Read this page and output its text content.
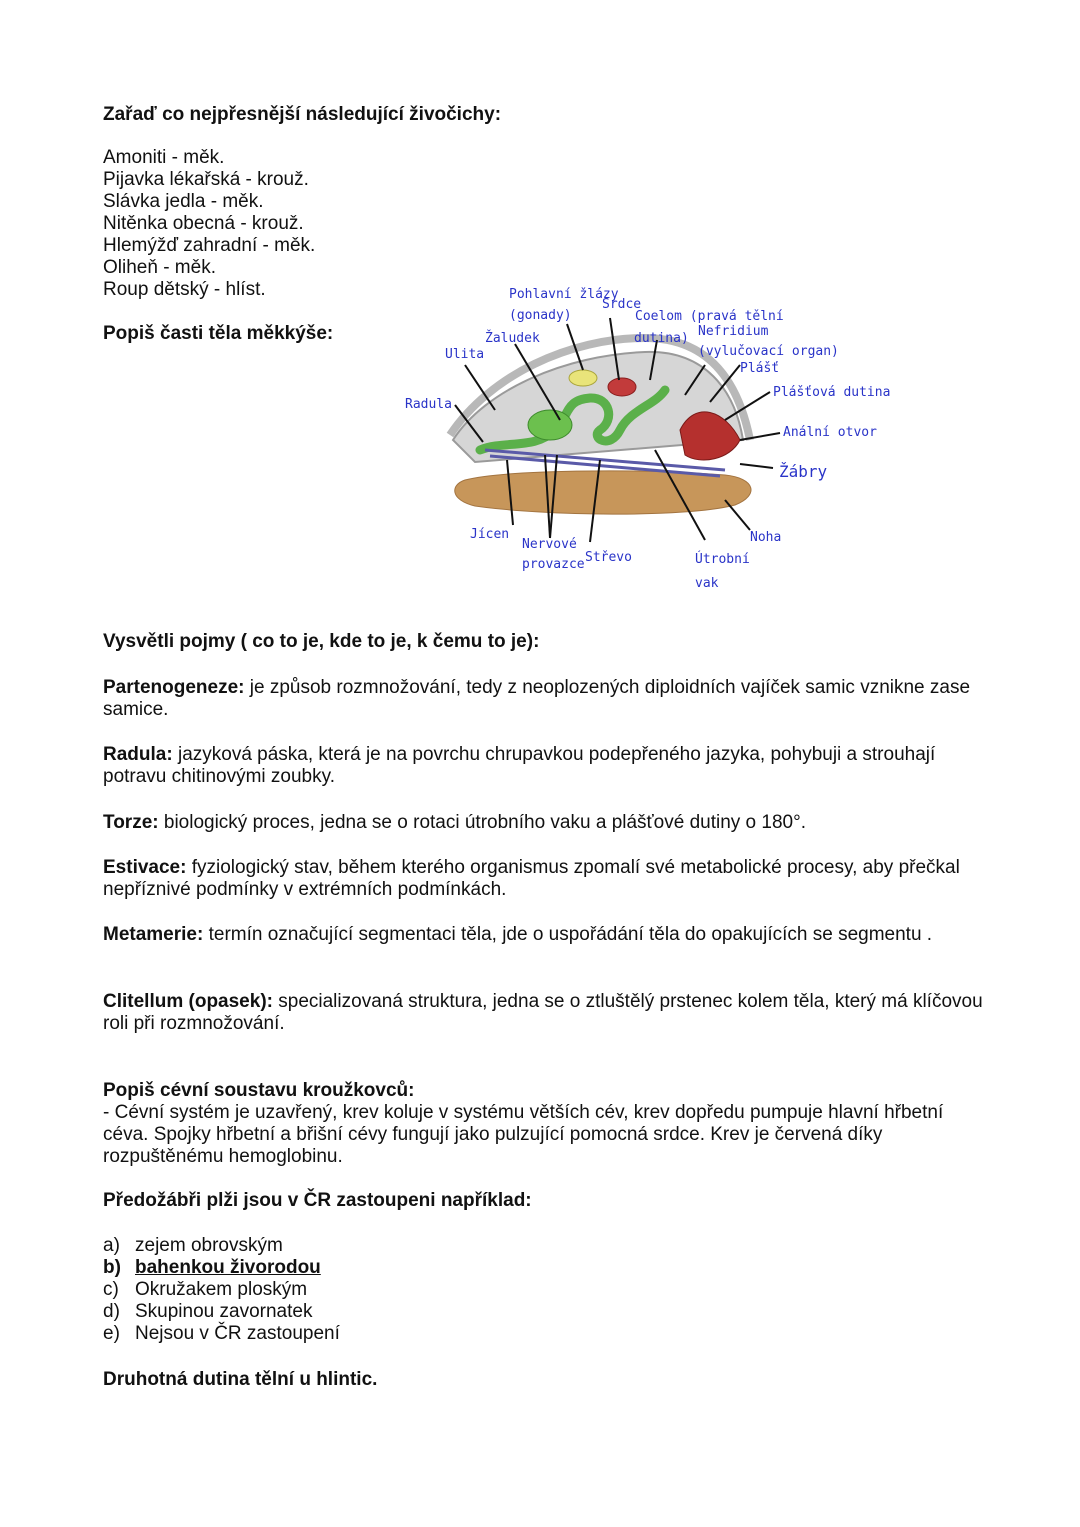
Zařaď co nejpřesnější následující živočichy:

Amoniti - měk.
Pijavka lékařská - krouž.
Slávka jedla - měk.
Nitěnka obecná - krouž.
Hlemýžď zahradní - měk.
Oliheň - měk.
Roup dětský - hlíst.

Popiš časti těla měkkýše:

Pohlavní žlázy
(gonady)
Srdce
Coelom (pravá tělní
dutina) Nefridium
(vylučovací organ)
Plášť
Žaludek
Ulita
Radula
Plášťová dutina
Anální otvor
Žábry
Jícen
Nervové
provazce Střevo	Útrobní
vak
Noha

Vysvětli pojmy ( co to je, kde to je, k čemu to je):

Partenogeneze: je způsob rozmnožování, tedy z neoplozených diploidních vajíček samic vznikne zase samice.

Radula: jazyková páska, která je na povrchu chrupavkou podepřeného jazyka, pohybuji a strouhají potravu chitinovými zoubky.

Torze: biologický proces, jedna se o rotaci útrobního vaku a plášťové dutiny o 180°.

Estivace: fyziologický stav, během kterého organismus zpomalí své metabolické procesy, aby přečkal nepříznivé podmínky v extrémních podmínkách.

Metamerie: termín označující segmentaci těla, jde o uspořádání těla do opakujících se segmentu .

Clitellum (opasek): specializovaná struktura, jedna se o ztluštělý prstenec kolem těla, který má klíčovou roli při rozmnožování.

Popiš cévní soustavu kroužkovců:

- Cévní systém je uzavřený, krev koluje v systému větších cév, krev dopředu pumpuje hlavní hřbetní céva. Spojky hřbetní a břišní cévy fungují jako pulzující pomocná srdce. Krev je červená díky rozpuštěnému hemoglobinu.

Předožábři plži jsou v ČR zastoupeni například:

a) zejem obrovským
b) bahenkou živorodou
c) Okružakem ploským
d) Skupinou zavornatek
e) Nejsou v ČR zastoupení

Druhotná dutina tělní u hlintic.
